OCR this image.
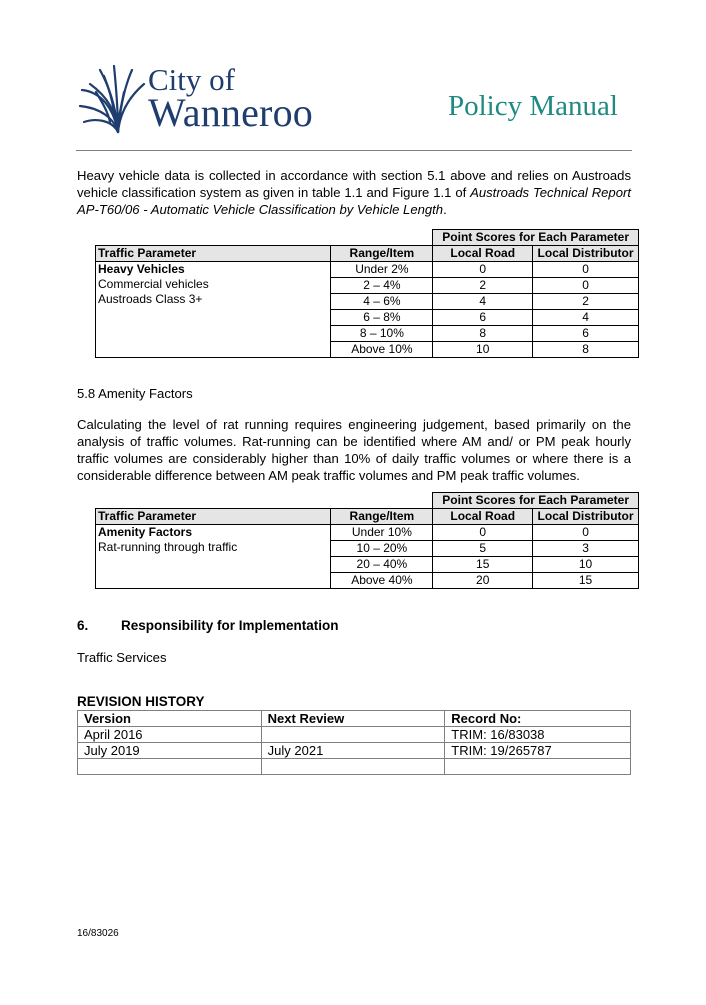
City of
Wanneroo	Policy Manual
Heavy vehicle data is collected in accordance with section 5.1 above and relies on Austroads vehicle classification system as given in table 1.1 and Figure 1.1 of Austroads Technical Report AP-T60/06 - Automatic Vehicle Classification by Vehicle Length.
		Point Scores for Each Parameter	
Traffic Parameter	Range/Item	Local Road	Local Distributor

Heavy Vehicles
Commercial vehicles
Austroads Class 3+	Under 2%	0	0
	2 – 4%	2	0
	4 – 6%	4	2
	6 – 8%	6	4
	8 – 10%	8	6
	Above 10%	10	8
5.8 Amenity Factors
Calculating the level of rat running requires engineering judgement, based primarily on the analysis of traffic volumes. Rat-running can be identified where AM and/ or PM peak hourly traffic volumes are considerably higher than 10% of daily traffic volumes or where there is a considerable difference between AM peak traffic volumes and PM peak traffic volumes.
		Point Scores for Each Parameter	
Traffic Parameter	Range/Item	Local Road	Local Distributor

Amenity Factors
Rat-running through traffic	Under 10%	0	0
	10 – 20%	5	3
	20 – 40%	15	10
	Above 40%	20	15
6. Responsibility for Implementation
Traffic Services
REVISION HISTORY
Version	Next Review	Record No:
April 2016		TRIM: 16/83038
July 2019	July 2021	TRIM: 19/265787

16/83026
